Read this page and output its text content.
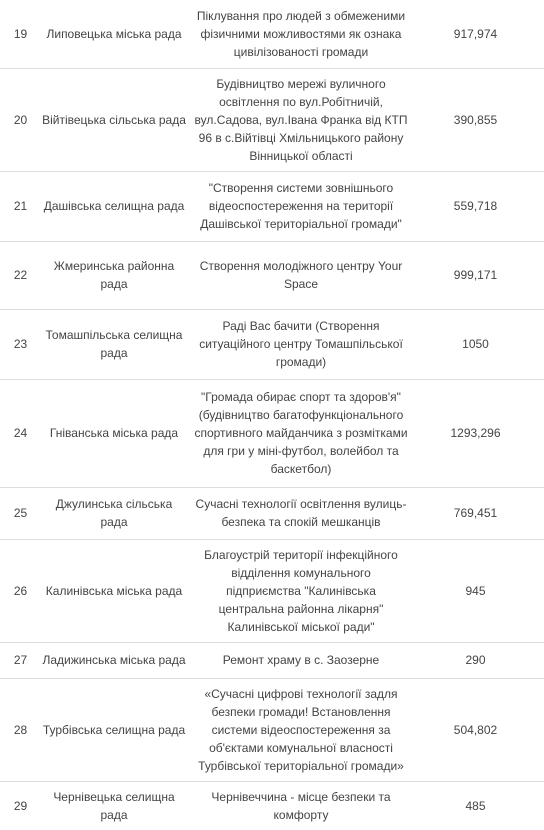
19	Липовецька міська рада	Піклування про людей з обмеженими фізичними можливостями як ознака цивілізованості громади	917,974
20	Війтівецька сільська рада	Будівництво мережі вуличного освітлення по вул.Робітничій, вул.Садова, вул.Івана Франка від КТП 96 в с.Війтівці Хмільницького району Вінницької області	390,855
21	Дашівська селищна рада	"Створення системи зовнішнього відеоспостереження на території Дашівської територіальної громади"	559,718
22	Жмеринська районна рада	Створення молодіжного центру Your Space	999,171
23	Томашпільська селищна рада	Раді Вас бачити (Створення ситуаційного центру Томашпільської громади)	1050
24	Гніванська міська рада	"Громада обирає спорт та здоров'я" (будівництво багатофункціонального спортивного майданчика з розмітками для гри у міні-футбол, волейбол та баскетбол)	1293,296
25	Джулинська сільська рада	Сучасні технології освітлення вулиць- безпека та спокій мешканців	769,451
26	Калинівська міська рада	Благоустрій території інфекційного відділення комунального підприємства "Калинівська центральна районна лікарня" Калинівської міської ради"	945
27	Ладижинська міська рада	Ремонт храму в с. Заозерне	290
28	Турбівська селищна рада	«Сучасні цифрові технології задля безпеки громади! Встановлення системи відеоспостереження за об'єктами комунальної власності Турбівської територіальної громади»	504,802
29	Чернівецька селищна рада	Чернівеччина - місце безпеки та комфорту	485
